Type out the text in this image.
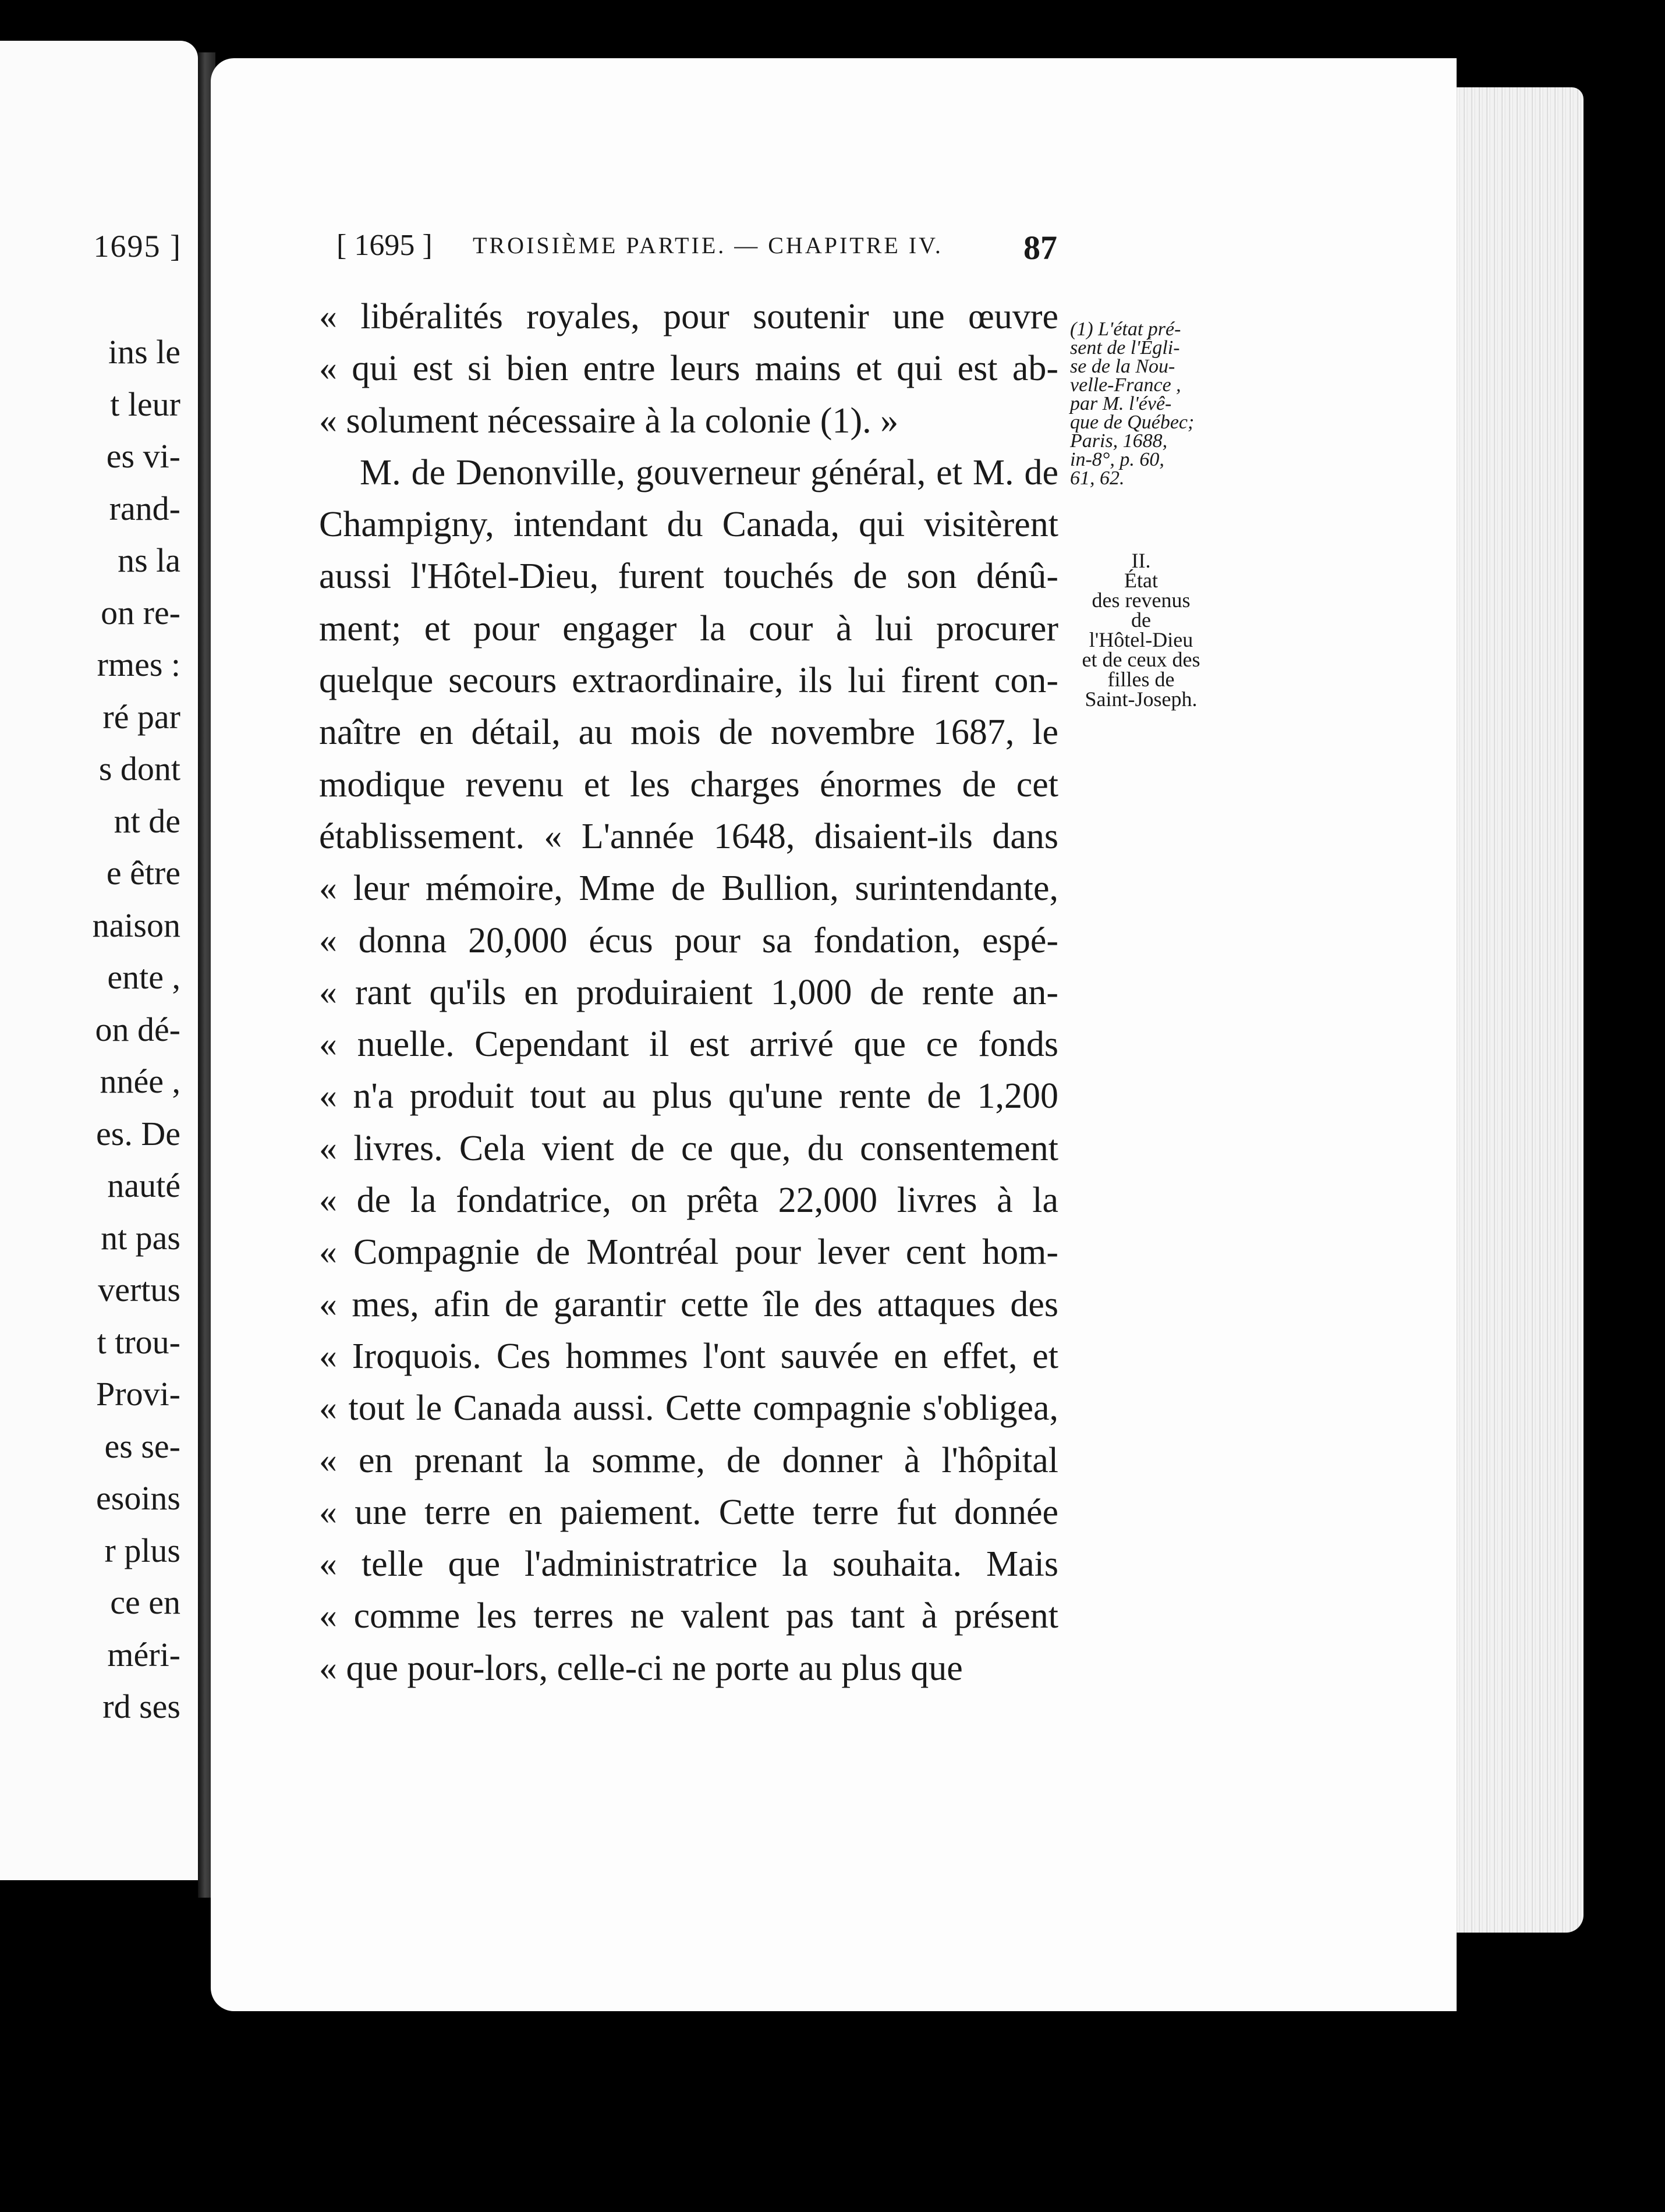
1695 ]
ins le
t leur
es vi-
rand-
ns la
on re-
rmes :
ré par
s dont
nt de
e être
naison
ente ,
on dé-
nnée ,
es. De
nauté
nt pas
vertus
t trou-
Provi-
es se-
esoins
r plus
ce en
méri-
rd ses
[ 1695 ] TROISIÈME PARTIE. — CHAPITRE IV. 87
« libéralités royales, pour soutenir une œuvre
« qui est si bien entre leurs mains et qui est ab-
« solument nécessaire à la colonie (1). »
M. de Denonville, gouverneur général, et M. de
Champigny, intendant du Canada, qui visitèrent
aussi l'Hôtel-Dieu, furent touchés de son dénû-
ment; et pour engager la cour à lui procurer
quelque secours extraordinaire, ils lui firent con-
naître en détail, au mois de novembre 1687, le
modique revenu et les charges énormes de cet
établissement. « L'année 1648, disaient-ils dans
« leur mémoire, Mme de Bullion, surintendante,
« donna 20,000 écus pour sa fondation, espé-
« rant qu'ils en produiraient 1,000 de rente an-
« nuelle. Cependant il est arrivé que ce fonds
« n'a produit tout au plus qu'une rente de 1,200
« livres. Cela vient de ce que, du consentement
« de la fondatrice, on prêta 22,000 livres à la
« Compagnie de Montréal pour lever cent hom-
« mes, afin de garantir cette île des attaques des
« Iroquois. Ces hommes l'ont sauvée en effet, et
« tout le Canada aussi. Cette compagnie s'obligea,
« en prenant la somme, de donner à l'hôpital
« une terre en paiement. Cette terre fut donnée
« telle que l'administratrice la souhaita. Mais
« comme les terres ne valent pas tant à présent
« que pour-lors, celle-ci ne porte au plus que
(1) L'état pré-
sent de l'Égli-
se de la Nou-
velle-France ,
par M. l'évê-
que de Québec;
Paris, 1688,
in-8°, p. 60,
61, 62.
II.
État
des revenus
de
l'Hôtel-Dieu
et de ceux des
filles de
Saint-Joseph.
